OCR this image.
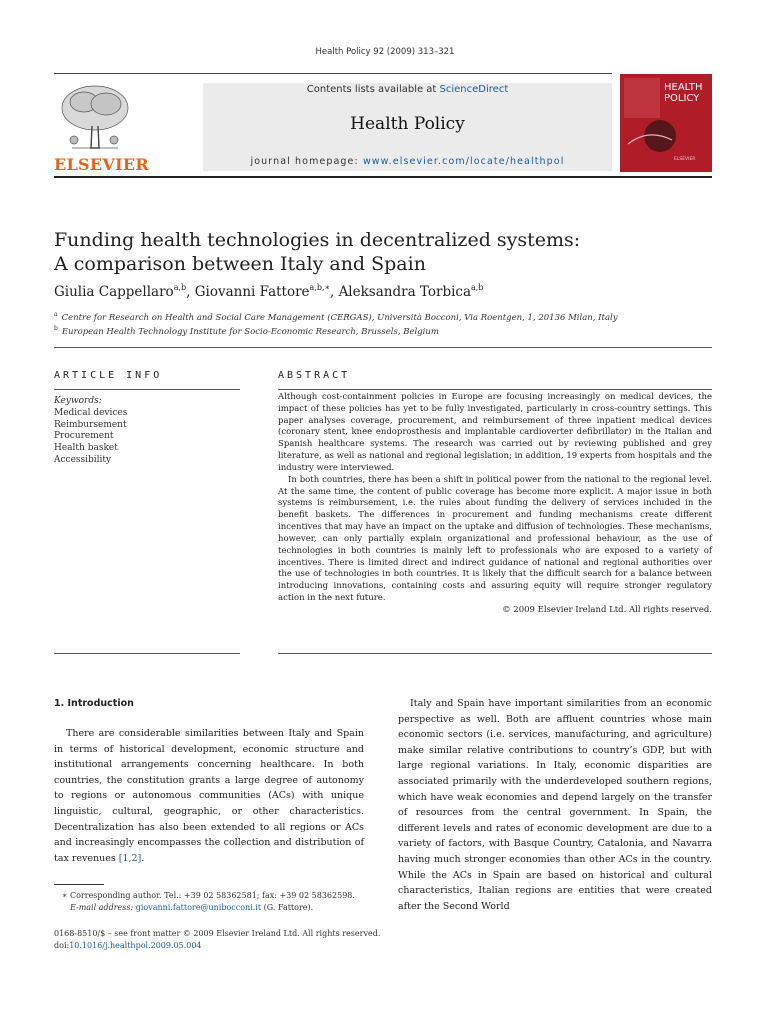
Health Policy 92 (2009) 313–321
ELSEVIER
Contents lists available at ScienceDirect
Health Policy
journal homepage: www.elsevier.com/locate/healthpol
HEALTH POLICY
ELSEVIER
Funding health technologies in decentralized systems:
A comparison between Italy and Spain
Giulia Cappellaro$^{a,b}$, Giovanni Fattore$^{a,b,∗}$, Aleksandra Torbica$^{a,b}$
$^a$ Centre for Research on Health and Social Care Management (CERGAS), Università Bocconi, Via Roentgen, 1, 20136 Milan, Italy
$^b$ European Health Technology Institute for Socio-Economic Research, Brussels, Belgium
ARTICLE INFO
Keywords:
Medical devices
Reimbursement
Procurement
Health basket
Accessibility
ABSTRACT

Although cost-containment policies in Europe are focusing increasingly on medical devices, the impact of these policies has yet to be fully investigated, particularly in cross-country settings. This paper analyses coverage, procurement, and reimbursement of three inpatient medical devices (coronary stent, knee endoprosthesis and implantable cardioverter defibrillator) in the Italian and Spanish healthcare systems. The research was carried out by reviewing published and grey literature, as well as national and regional legislation; in addition, 19 experts from hospitals and the industry were interviewed.

In both countries, there has been a shift in political power from the national to the regional level. At the same time, the content of public coverage has become more explicit. A major issue in both systems is reimbursement, i.e. the rules about funding the delivery of services included in the benefit baskets. The differences in procurement and funding mechanisms create different incentives that may have an impact on the uptake and diffusion of technologies. These mechanisms, however, can only partially explain organizational and professional behaviour, as the use of technologies in both countries is mainly left to professionals who are exposed to a variety of incentives. There is limited direct and indirect guidance of national and regional authorities over the use of technologies in both countries. It is likely that the difficult search for a balance between introducing innovations, containing costs and assuring equity will require stronger regulatory action in the next future.

© 2009 Elsevier Ireland Ltd. All rights reserved.

1. Introduction

There are considerable similarities between Italy and Spain in terms of historical development, economic structure and institutional arrangements concerning healthcare. In both countries, the constitution grants a large degree of autonomy to regions or autonomous communities (ACs) with unique linguistic, cultural, geographic, or other characteristics. Decentralization has also been extended to all regions or ACs and increasingly encompasses the collection and distribution of tax revenues [1,2].

Italy and Spain have important similarities from an economic perspective as well. Both are affluent countries whose main economic sectors (i.e. services, manufacturing, and agriculture) make similar relative contributions to country’s GDP, but with large regional variations. In Italy, economic disparities are associated primarily with the underdeveloped southern regions, which have weak economies and depend largely on the transfer of resources from the central government. In Spain, the different levels and rates of economic development are due to a variety of factors, with Basque Country, Catalonia, and Navarra having much stronger economies than other ACs in the country. While the ACs in Spain are based on historical and cultural characteristics, Italian regions are entities that were created after the Second World

∗ Corresponding author. Tel.: +39 02 58362581; fax: +39 02 58362598.
E-mail address: giovanni.fattore@unibocconi.it (G. Fattore).
0168-8510/$ – see front matter © 2009 Elsevier Ireland Ltd. All rights reserved.
doi:10.1016/j.healthpol.2009.05.004
